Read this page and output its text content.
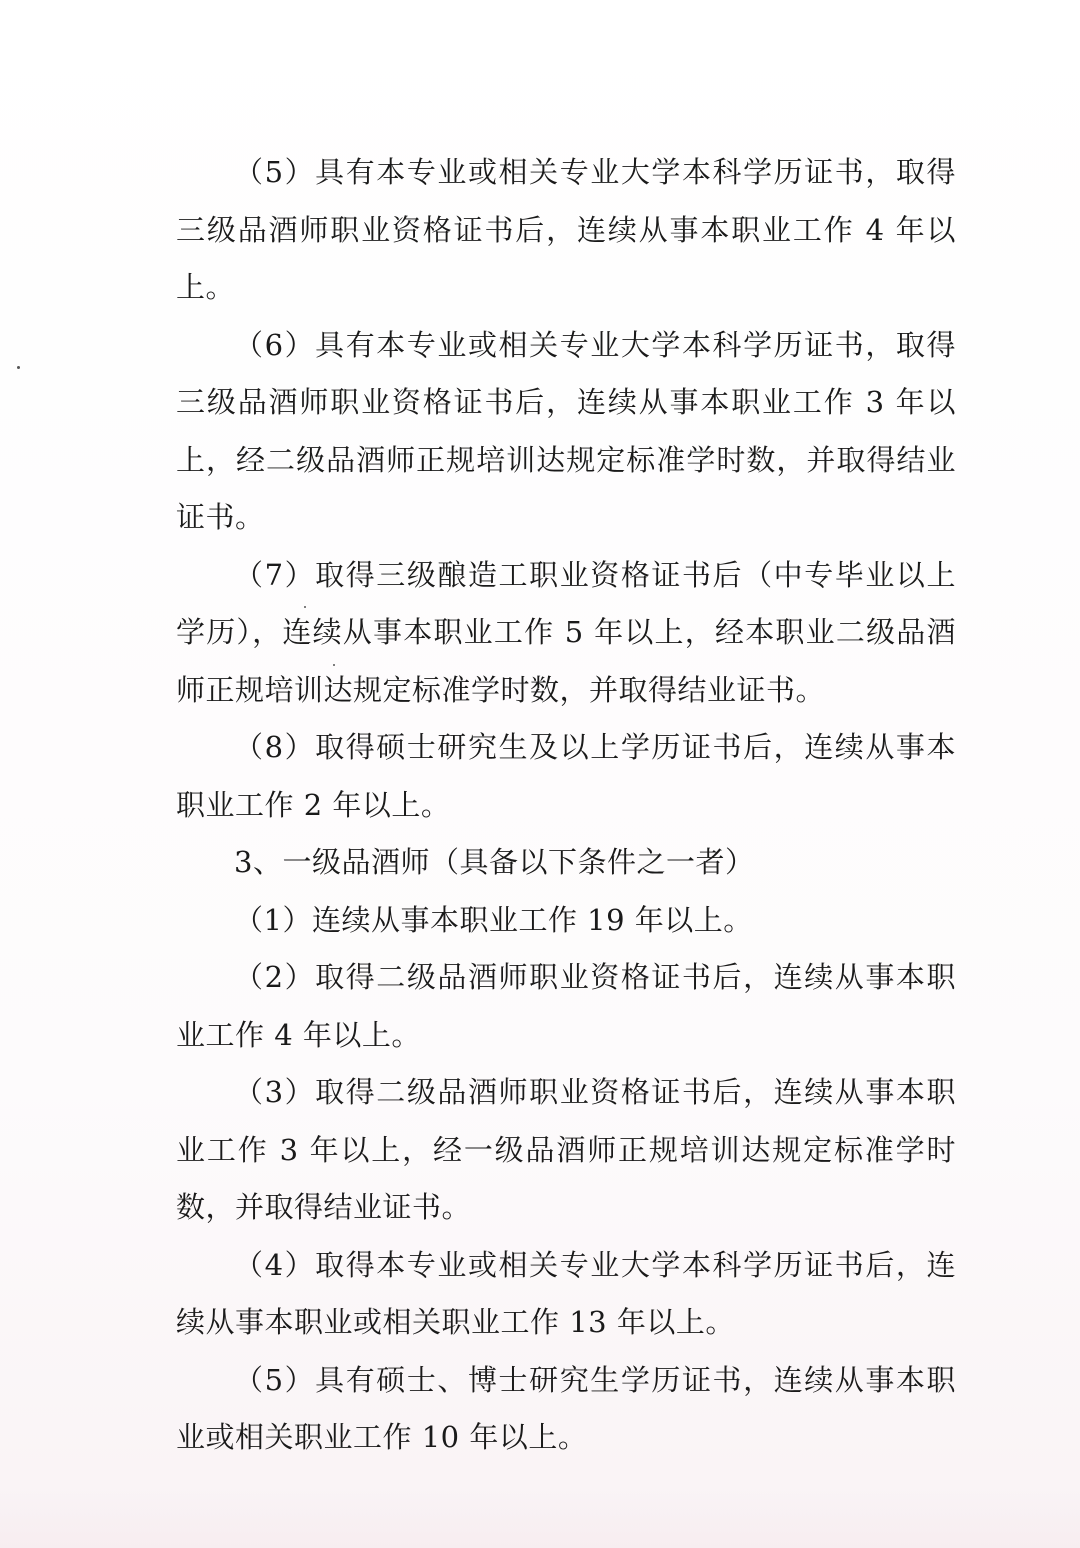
（5）具有本专业或相关专业大学本科学历证书，取得三级品酒师职业资格证书后，连续从事本职业工作 4 年以上。

（6）具有本专业或相关专业大学本科学历证书，取得三级品酒师职业资格证书后，连续从事本职业工作 3 年以上，经二级品酒师正规培训达规定标准学时数，并取得结业证书。

（7）取得三级酿造工职业资格证书后（中专毕业以上学历），连续从事本职业工作 5 年以上，经本职业二级品酒师正规培训达规定标准学时数，并取得结业证书。

（8）取得硕士研究生及以上学历证书后，连续从事本职业工作 2 年以上。

3、一级品酒师（具备以下条件之一者）

（1）连续从事本职业工作 19 年以上。

（2）取得二级品酒师职业资格证书后，连续从事本职业工作 4 年以上。

（3）取得二级品酒师职业资格证书后，连续从事本职业工作 3 年以上，经一级品酒师正规培训达规定标准学时数，并取得结业证书。

（4）取得本专业或相关专业大学本科学历证书后，连续从事本职业或相关职业工作 13 年以上。

（5）具有硕士、博士研究生学历证书，连续从事本职业或相关职业工作 10 年以上。
